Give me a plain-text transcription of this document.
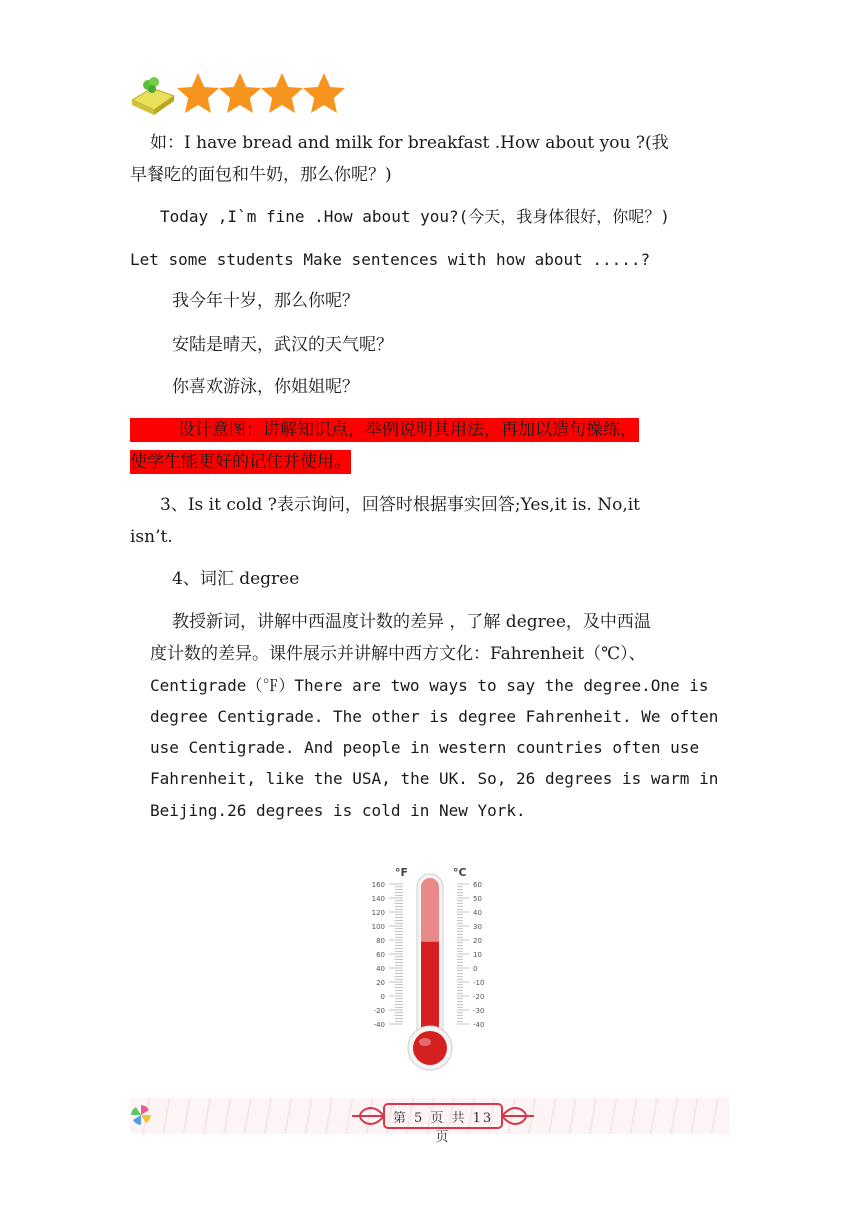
如：I have bread and milk for breakfast .How about you ?(我
早餐吃的面包和牛奶，那么你呢？)
Today ,I`m fine .How about you?(今天，我身体很好，你呢？)
Let some students Make sentences with how about .....?
我今年十岁，那么你呢？
安陆是晴天，武汉的天气呢？
你喜欢游泳，你姐姐呢？
设计意图：讲解知识点，举例说明其用法，再加以造句操练，
使学生能更好的记住并使用。
3、Is it cold ?表示询问，回答时根据事实回答;Yes,it is. No,it
isn’t.
4、词汇 degree
教授新词，讲解中西温度计数的差异 ，了解 degree，及中西温
度计数的差异。课件展示并讲解中西方文化：Fahrenheit（℃）、
Centigrade（℉）There are two ways to say the degree.One is
degree Centigrade. The other is degree Fahrenheit. We often
use Centigrade. And people in western countries often use
Fahrenheit, like the USA, the UK. So, 26 degrees is warm in
Beijing.26 degrees is cold in New York.
°F	°C
160
140
120
100
80
60
40
20
0
-20
-40
60
50
40
30
20
10
0
-10
-20
-30
-40
第 5 页 共 13 页
